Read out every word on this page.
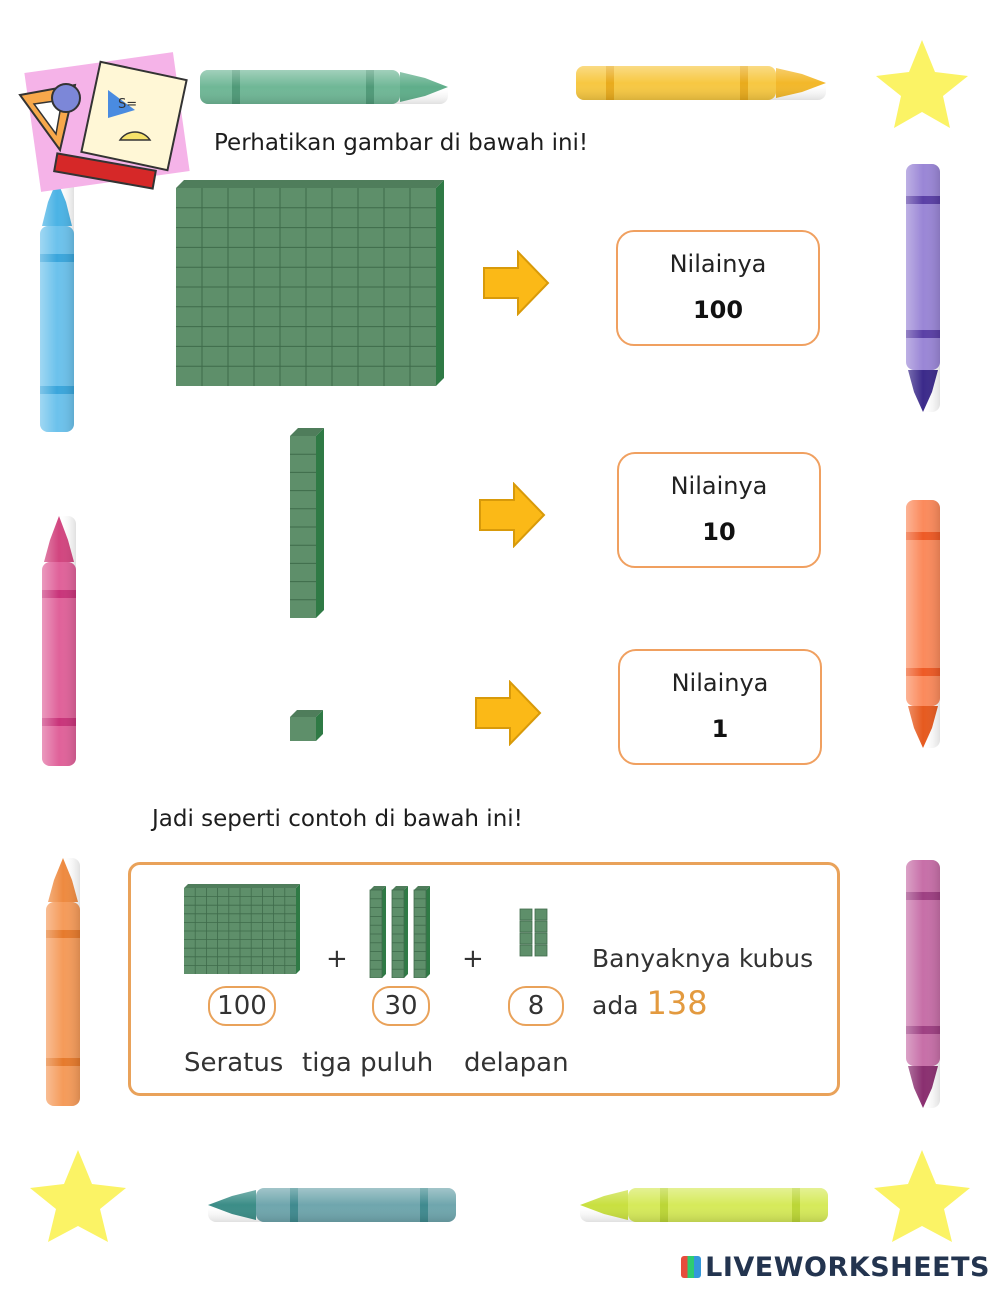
S=
Perhatikan gambar di bawah ini!
Nilainya
100
Nilainya
10
Nilainya
1
Jadi seperti contoh di bawah ini!
+	+
100	30	8
Seratus tiga puluh delapan
Banyaknya kubus
ada 138
LIVEWORKSHEETS
